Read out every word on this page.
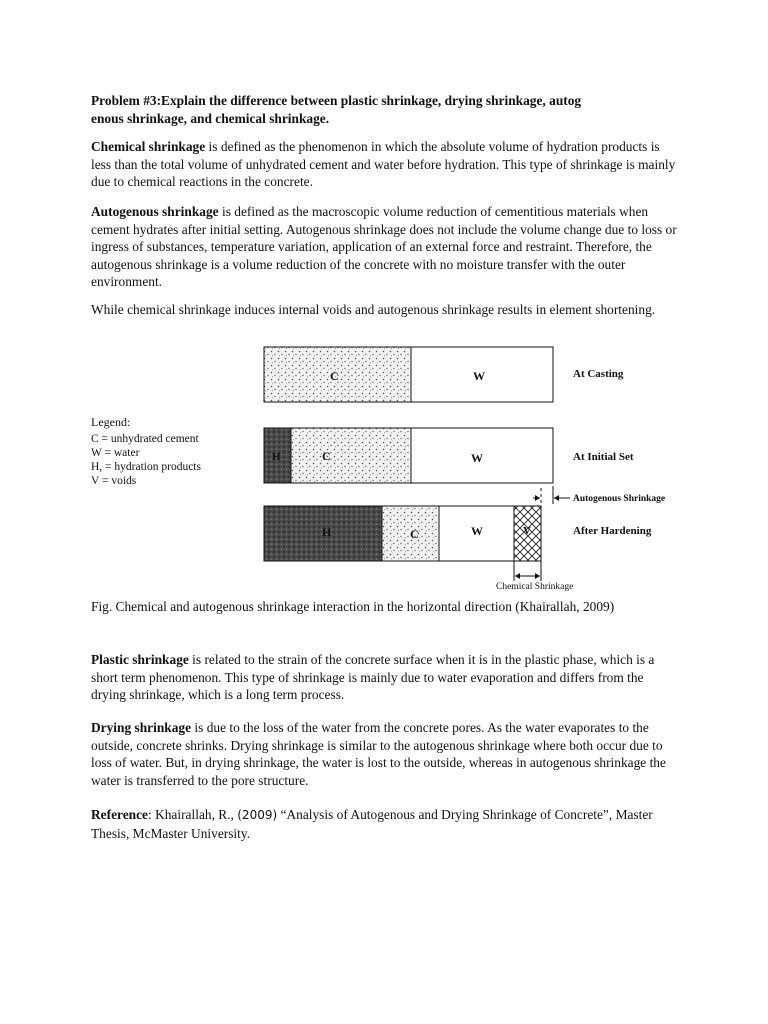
Problem #3:Explain the difference between plastic shrinkage, drying shrinkage, autog
enous shrinkage, and chemical shrinkage.

Chemical shrinkage is defined as the phenomenon in which the absolute volume of hydration products is less than the total volume of unhydrated cement and water before hydration. This type of shrinkage is mainly due to chemical reactions in the concrete.

Autogenous shrinkage is defined as the macroscopic volume reduction of cementitious materials when cement hydrates after initial setting. Autogenous shrinkage does not include the volume change due to loss or ingress of substances, temperature variation, application of an external force and restraint. Therefore, the autogenous shrinkage is a volume reduction of the concrete with no moisture transfer with the outer environment.

While chemical shrinkage induces internal voids and autogenous shrinkage results in element shortening.

Legend:
C = unhydrated cement
W = water
H, = hydration products
V = voids
C	W	At Casting
H	C	W	At Initial Set
Autogenous Shrinkage
H	C	W	V	After Hardening
Chemical Shrinkage

Fig. Chemical and autogenous shrinkage interaction in the horizontal direction (Khairallah, 2009)

Plastic shrinkage is related to the strain of the concrete surface when it is in the plastic phase, which is a short term phenomenon. This type of shrinkage is mainly due to water evaporation and differs from the drying shrinkage, which is a long term process.

Drying shrinkage is due to the loss of the water from the concrete pores. As the water evaporates to the outside, concrete shrinks. Drying shrinkage is similar to the autogenous shrinkage where both occur due to loss of water. But, in drying shrinkage, the water is lost to the outside, whereas in autogenous shrinkage the water is transferred to the pore structure.

Reference: Khairallah, R., (2009) “Analysis of Autogenous and Drying Shrinkage of Concrete”, Master Thesis, McMaster University.
